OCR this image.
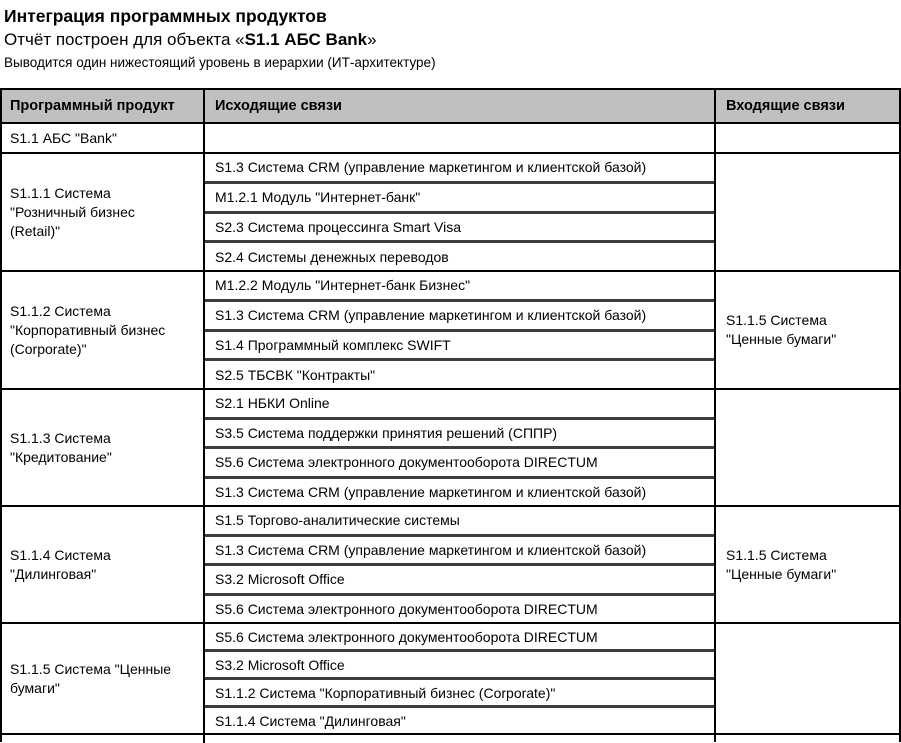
Интеграция программных продуктов
Отчёт построен для объекта «S1.1 АБС Bank»
Выводится один нижестоящий уровень в иерархии (ИТ-архитектуре)
Программный продукт	Исходящие связи	Входящие связи
S1.1 АБС "Bank"
S1.1.1 Система "Розничный бизнес (Retail)"
S1.3 Система CRM (управление маркетингом и клиентской базой)
M1.2.1 Модуль "Интернет-банк"
S2.3 Система процессинга Smart Visa
S2.4 Системы денежных переводов
S1.1.2 Система "Корпоративный бизнес (Corporate)"
M1.2.2 Модуль "Интернет-банк Бизнес"
S1.3 Система CRM (управление маркетингом и клиентской базой)
S1.4 Программный комплекс SWIFT
S2.5 ТБСВК "Контракты"
S1.1.5 Система "Ценные бумаги"
S1.1.3 Система "Кредитование"
S2.1 НБКИ Online
S3.5 Система поддержки принятия решений (СППР)
S5.6 Система электронного документооборота DIRECTUM
S1.3 Система CRM (управление маркетингом и клиентской базой)
S1.1.4 Система "Дилинговая"
S1.5 Торгово-аналитические системы
S1.3 Система CRM (управление маркетингом и клиентской базой)
S3.2 Microsoft Office
S5.6 Система электронного документооборота DIRECTUM
S1.1.5 Система "Ценные бумаги"
S1.1.5 Система "Ценные бумаги"
S5.6 Система электронного документооборота DIRECTUM
S3.2 Microsoft Office
S1.1.2 Система "Корпоративный бизнес (Corporate)"
S1.1.4 Система "Дилинговая"
